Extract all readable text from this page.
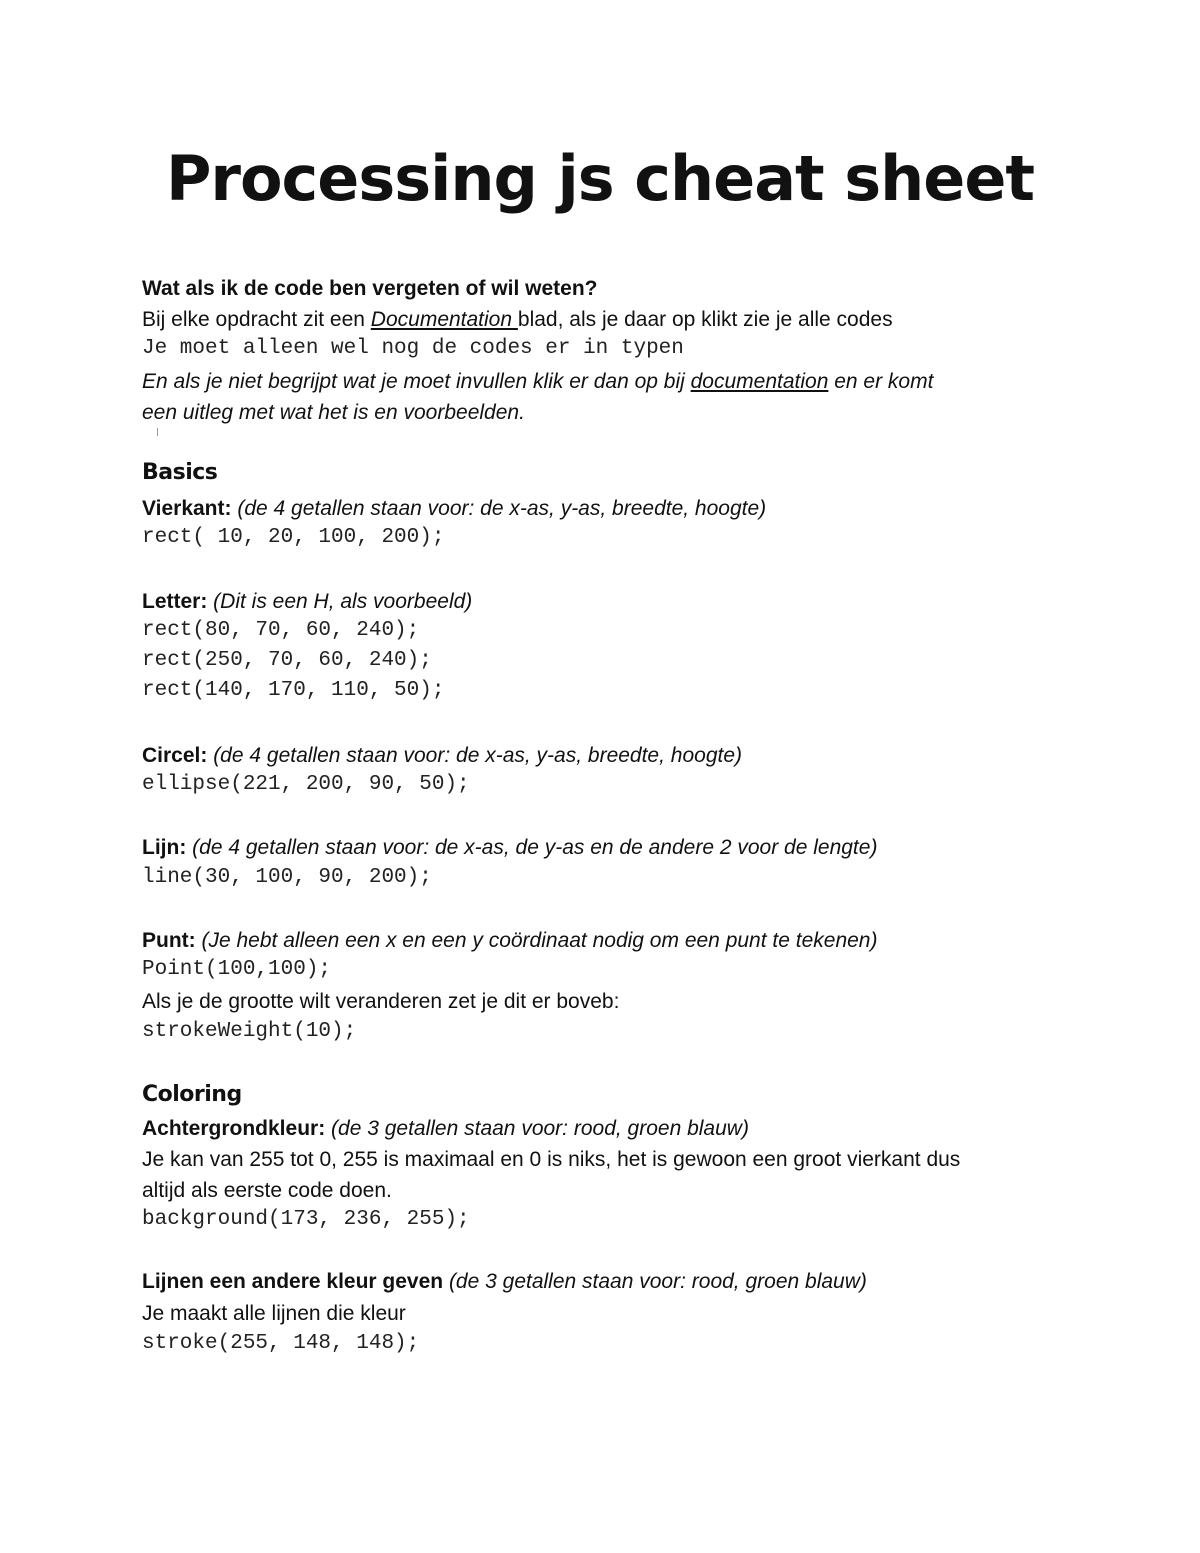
Processing js cheat sheet
Wat als ik de code ben vergeten of wil weten?
Bij elke opdracht zit een Documentation blad, als je daar op klikt zie je alle codes
Je moet alleen wel nog de codes er in typen
En als je niet begrijpt wat je moet invullen klik er dan op bij documentation en er komt
een uitleg met wat het is en voorbeelden.
Basics
Vierkant: (de 4 getallen staan voor: de x-as, y-as, breedte, hoogte)
rect( 10, 20, 100, 200);
Letter: (Dit is een H, als voorbeeld)
rect(80, 70, 60, 240);
rect(250, 70, 60, 240);
rect(140, 170, 110, 50);
Circel: (de 4 getallen staan voor: de x-as, y-as, breedte, hoogte)
ellipse(221, 200, 90, 50);
Lijn: (de 4 getallen staan voor: de x-as, de y-as en de andere 2 voor de lengte)
line(30, 100, 90, 200);
Punt: (Je hebt alleen een x en een y coördinaat nodig om een punt te tekenen)
Point(100,100);
Als je de grootte wilt veranderen zet je dit er boveb:
strokeWeight(10);
Coloring
Achtergrondkleur: (de 3 getallen staan voor: rood, groen blauw)
Je kan van 255 tot 0, 255 is maximaal en 0 is niks, het is gewoon een groot vierkant dus
altijd als eerste code doen.
background(173, 236, 255);
Lijnen een andere kleur geven (de 3 getallen staan voor: rood, groen blauw)
Je maakt alle lijnen die kleur
stroke(255, 148, 148);
